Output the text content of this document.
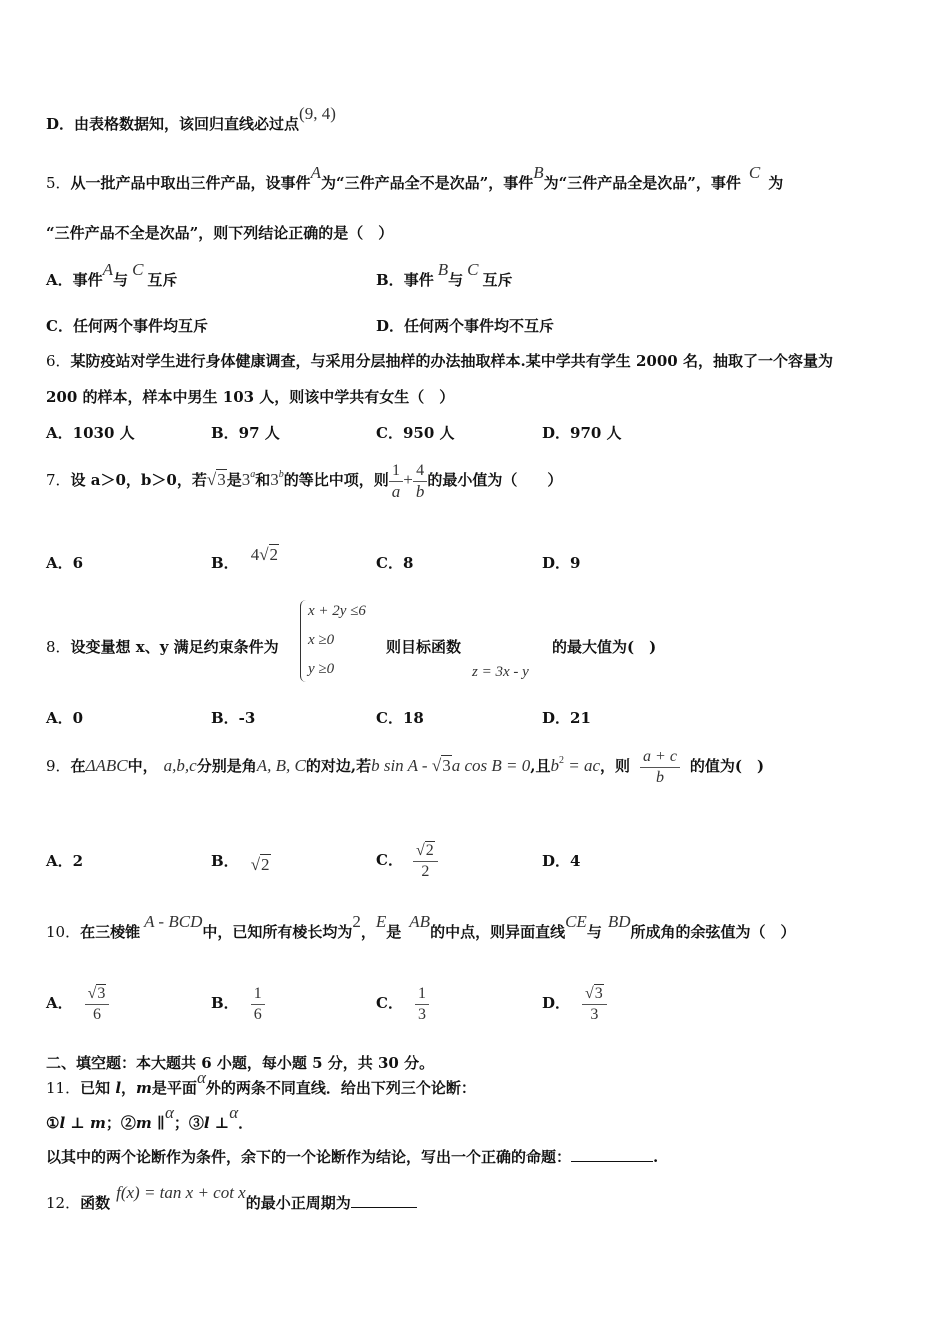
D．由表格数据知，该回归直线必过点(9, 4)
5．从一批产品中取出三件产品，设事件A为“三件产品全不是次品”，事件B为“三件产品全是次品”，事件C为
“三件产品不全是次品”，则下列结论正确的是（　）
A．事件A与C互斥	B．事件B与C互斥
C．任何两个事件均互斥	D．任何两个事件均不互斥
6．某防疫站对学生进行身体健康调查，与采用分层抽样的办法抽取样本.某中学共有学生 2000 名，抽取了一个容量为
200 的样本，样本中男生 103 人，则该中学共有女生（　）
A．1030 人	B．97 人	C．950 人	D．970 人
7．设 a＞0，b＞0，若√3是3$^a$和3$^b$的等比中项，则 $\frac{1}{a} + \frac{4}{b}$ 的最小值为（　　）
A．6	B． 4√2	C．8	D．9
8．设变量想 x、y 满足约束条件为
x + 2y ≤6
x ≥0
y ≥0
则目标函数
z = 3x - y
的最大值为(　)
A．0	B．-3	C．18	D．21
9．在ΔABC中， a,b,c分别是角A, B, C的对边,若b sin A - √3a cos B = 0,且$b^2$ = ac，则 $\frac{a + c}{b}$ 的值为(　)
A．2	B． √2	C． $\frac{√2}{2}$	D．4
10．在三棱锥A - BCD中，已知所有棱长均为2，E是AB的中点，则异面直线CE与BD所成角的余弦值为（　）
A． $\frac{√3}{6}$	B． $\frac{1}{6}$	C． $\frac{1}{3}$	D． $\frac{√3}{3}$
二、填空题：本大题共 6 小题，每小题 5 分，共 30 分。
11．已知 l，m是平面α外的两条不同直线．给出下列三个论断：
①l ⊥ m；②m ∥α；③l ⊥α．
以其中的两个论断作为条件，余下的一个论断作为结论，写出一个正确的命题：	.
12．函数f(x) = tan x + cot x的最小正周期为
